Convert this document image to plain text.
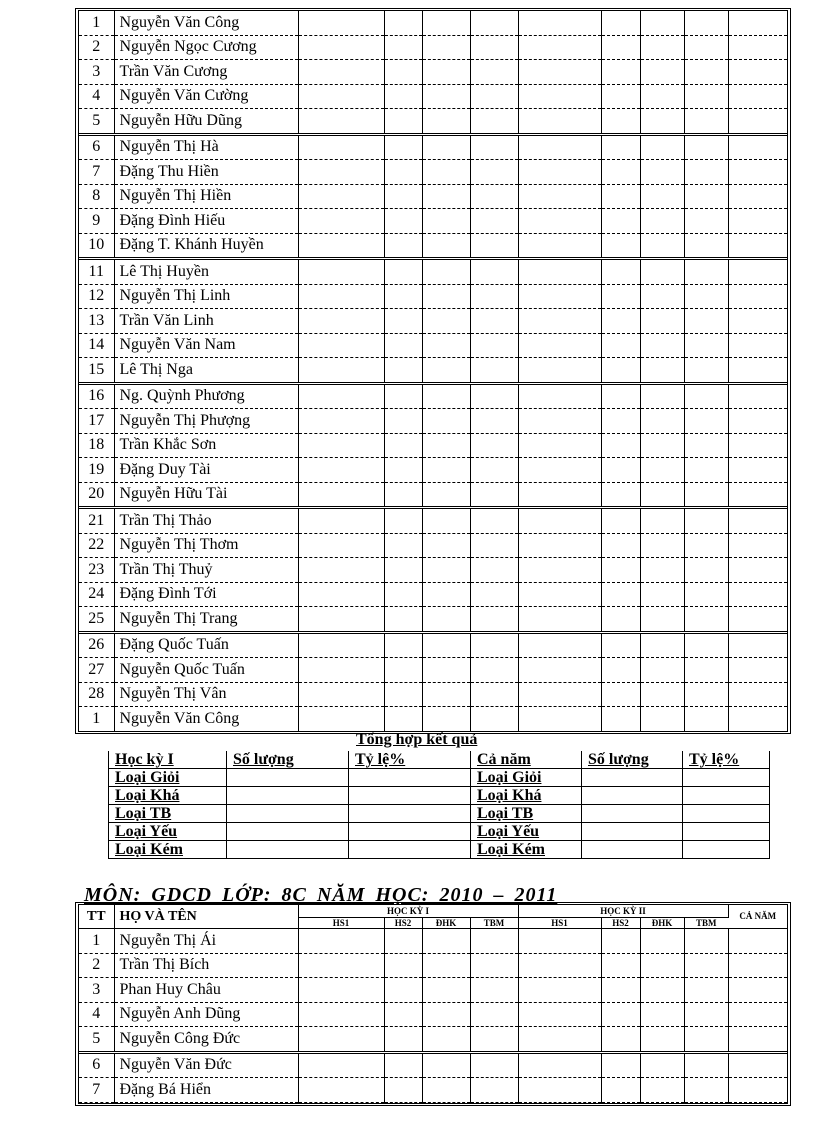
1	Nguyễn Văn Công									
2	Nguyễn Ngọc Cương									
3	Trần Văn Cương									
4	Nguyễn Văn Cường									
5	Nguyễn Hữu Dũng									
6	Nguyễn Thị Hà									
7	Đặng Thu Hiền									
8	Nguyễn Thị Hiền									
9	Đặng Đình Hiếu									
10	Đặng T. Khánh Huyền									
11	Lê Thị Huyền									
12	Nguyễn Thị Linh									
13	Trần Văn Linh									
14	Nguyễn Văn Nam									
15	Lê Thị Nga									
16	Ng. Quỳnh Phương									
17	Nguyễn Thị Phượng									
18	Trần Khắc Sơn									
19	Đặng Duy Tài									
20	Nguyễn Hữu Tài									
21	Trần Thị Thảo									
22	Nguyễn Thị Thơm									
23	Trần Thị Thuỷ									
24	Đặng Đình Tới									
25	Nguyễn Thị Trang									
26	Đặng Quốc Tuấn									
27	Nguyễn Quốc Tuấn									
28	Nguyễn Thị Vân									
1	Nguyễn Văn Công									
Tổng hợp kết quả
Học kỳ I	Số lượng	Tỷ lệ%	Cả năm	Số lượng	Tỷ lệ%
Loại Giỏi			Loại Giỏi		
Loại Khá			Loại Khá		
Loại TB			Loại TB		
Loại Yếu			Loại Yếu		
Loại Kém			Loại Kém		
MÔN: GDCD LỚP: 8C NĂM HỌC: 2010 – 2011
TT	HỌ VÀ TÊN	HỌC KỲ I				HỌC KỲ II				CẢ NĂM
		HS1	HS2	ĐHK	TBM	HS1	HS2	ĐHK	TBM	
1	Nguyễn Thị Ái									
2	Trần Thị Bích									
3	Phan Huy Châu									
4	Nguyễn Anh Dũng									
5	Nguyễn Công Đức									
6	Nguyễn Văn Đức									
7	Đặng Bá Hiển									
